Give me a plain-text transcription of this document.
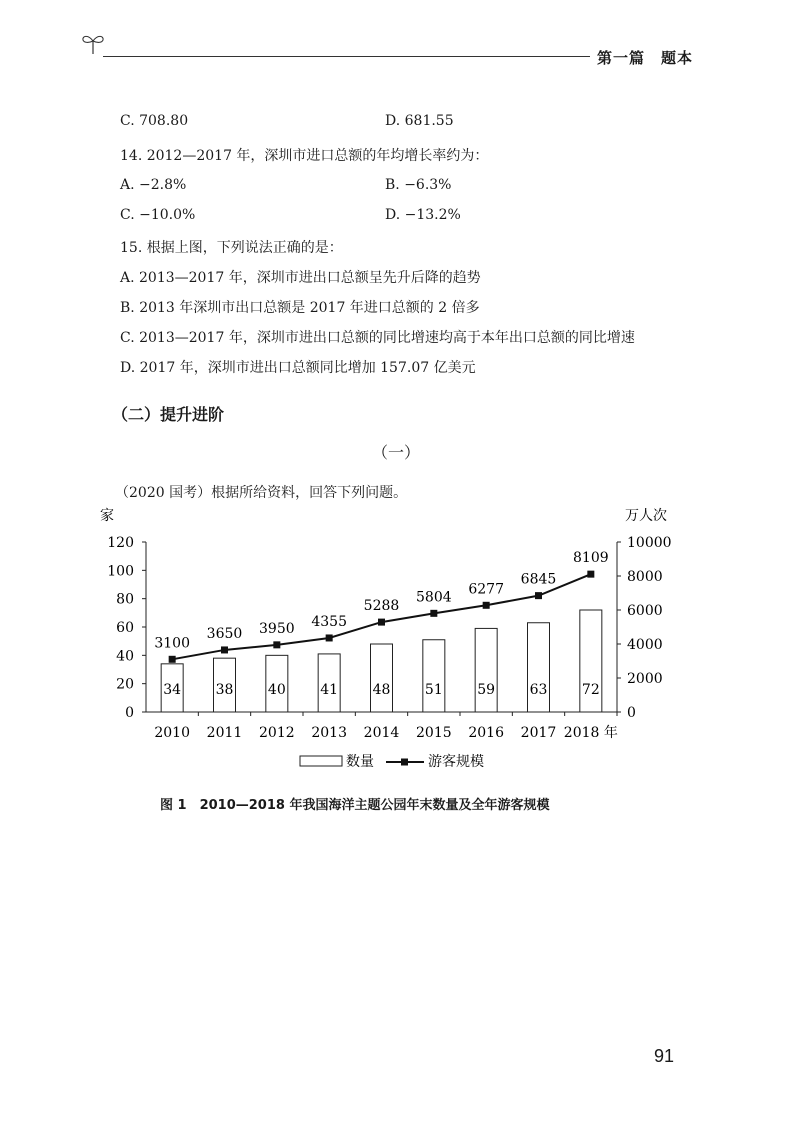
第一篇　题本
C. 708.80	D. 681.55
14. 2012—2017 年，深圳市进口总额的年均增长率约为：
A. −2.8%	B. −6.3%
C. −10.0%	D. −13.2%
15. 根据上图，下列说法正确的是：
A. 2013—2017 年，深圳市进出口总额呈先升后降的趋势
B. 2013 年深圳市出口总额是 2017 年进口总额的 2 倍多
C. 2013—2017 年，深圳市进出口总额的同比增速均高于本年出口总额的同比增速
D. 2017 年，深圳市进出口总额同比增加 157.07 亿美元
（二）提升进阶
（一）
（2020 国考）根据所给资料，回答下列问题。
家	万人次
0
20
40
60
80
100
120
0
2000
4000
6000
8000
10000
34
2010
38
2011
40
2012
41
2013
48
2014
51
2015
59
2016
63
2017
72
2018 年
3100
3650 3950 4355
5288
5804
6277
6845
8109
数量	游客规模
图 1　2010—2018 年我国海洋主题公园年末数量及全年游客规模
91
